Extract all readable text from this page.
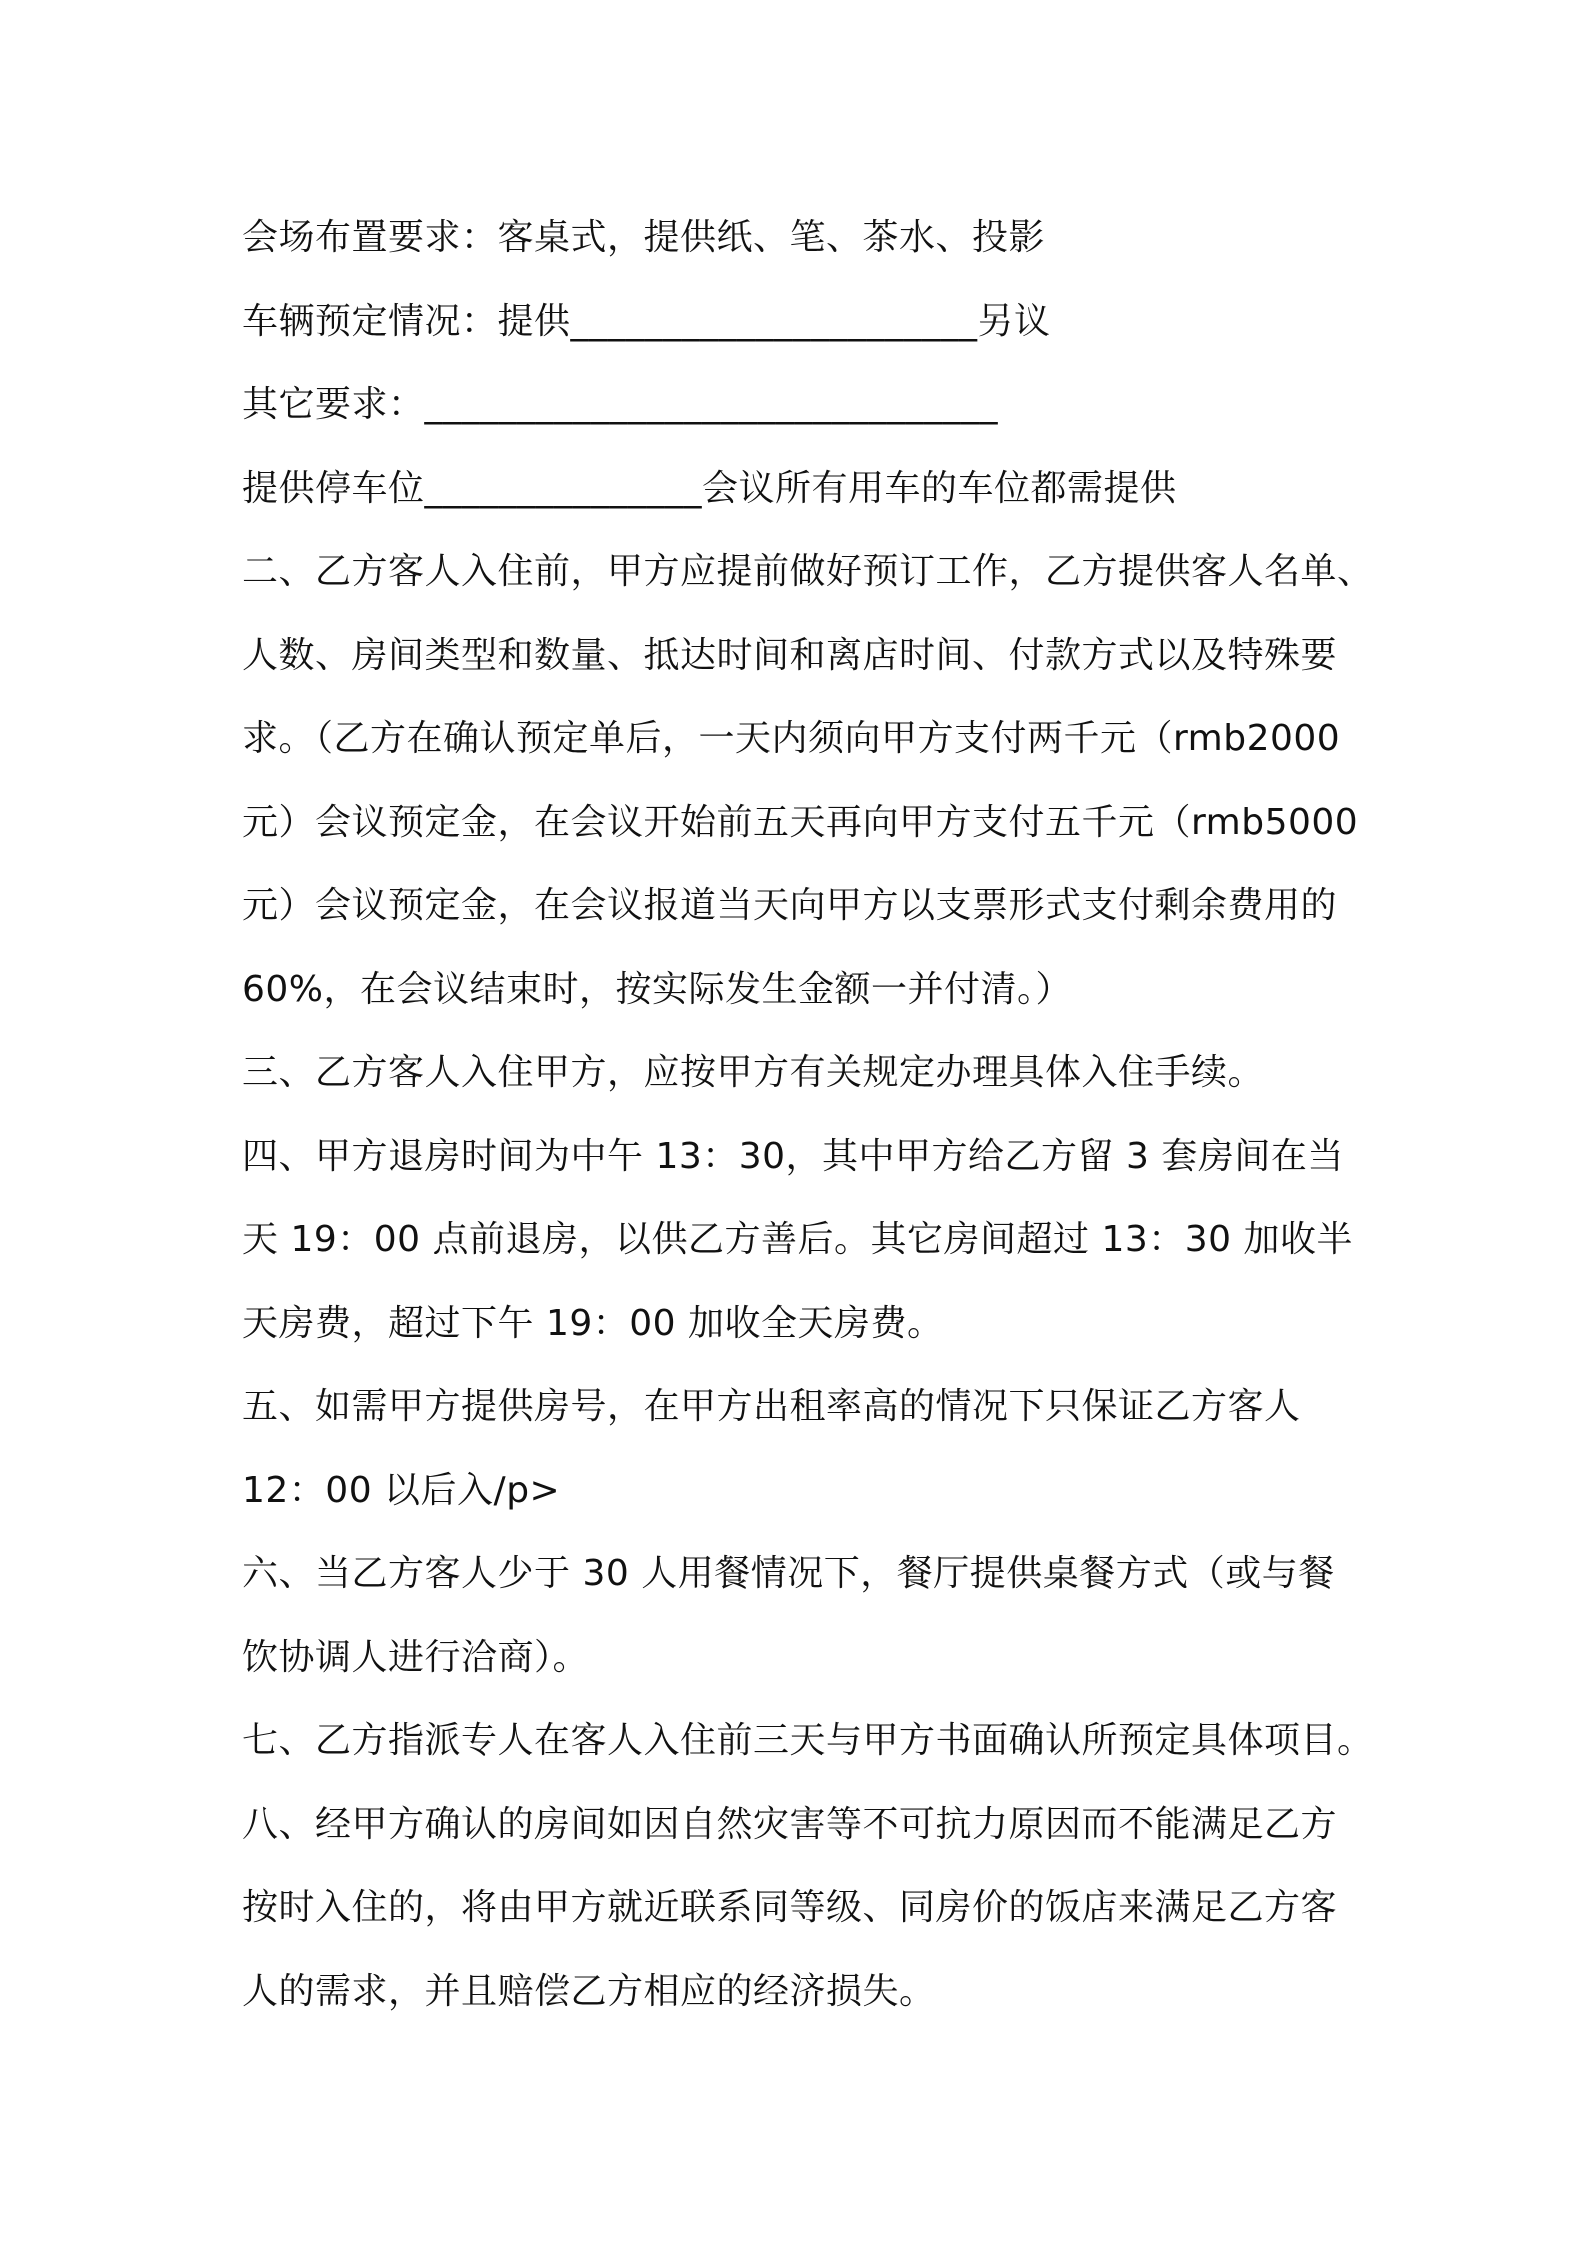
会场布置要求：客桌式，提供纸、笔、茶水、投影
车辆预定情况：提供______________________另议
其它要求：_______________________________
提供停车位_______________会议所有用车的车位都需提供
二、乙方客人入住前，甲方应提前做好预订工作，乙方提供客人名单、
人数、房间类型和数量、抵达时间和离店时间、付款方式以及特殊要
求。（乙方在确认预定单后，一天内须向甲方支付两千元（rmb2000
元）会议预定金，在会议开始前五天再向甲方支付五千元（rmb5000
元）会议预定金，在会议报道当天向甲方以支票形式支付剩余费用的
60%，在会议结束时，按实际发生金额一并付清。）
三、乙方客人入住甲方，应按甲方有关规定办理具体入住手续。
四、甲方退房时间为中午 13：30，其中甲方给乙方留 3 套房间在当
天 19：00 点前退房，以供乙方善后。其它房间超过 13：30 加收半
天房费，超过下午 19：00 加收全天房费。
五、如需甲方提供房号，在甲方出租率高的情况下只保证乙方客人
12：00 以后入/p>
六、当乙方客人少于 30 人用餐情况下，餐厅提供桌餐方式（或与餐
饮协调人进行洽商）。
七、乙方指派专人在客人入住前三天与甲方书面确认所预定具体项目。
八、经甲方确认的房间如因自然灾害等不可抗力原因而不能满足乙方
按时入住的，将由甲方就近联系同等级、同房价的饭店来满足乙方客
人的需求，并且赔偿乙方相应的经济损失。
